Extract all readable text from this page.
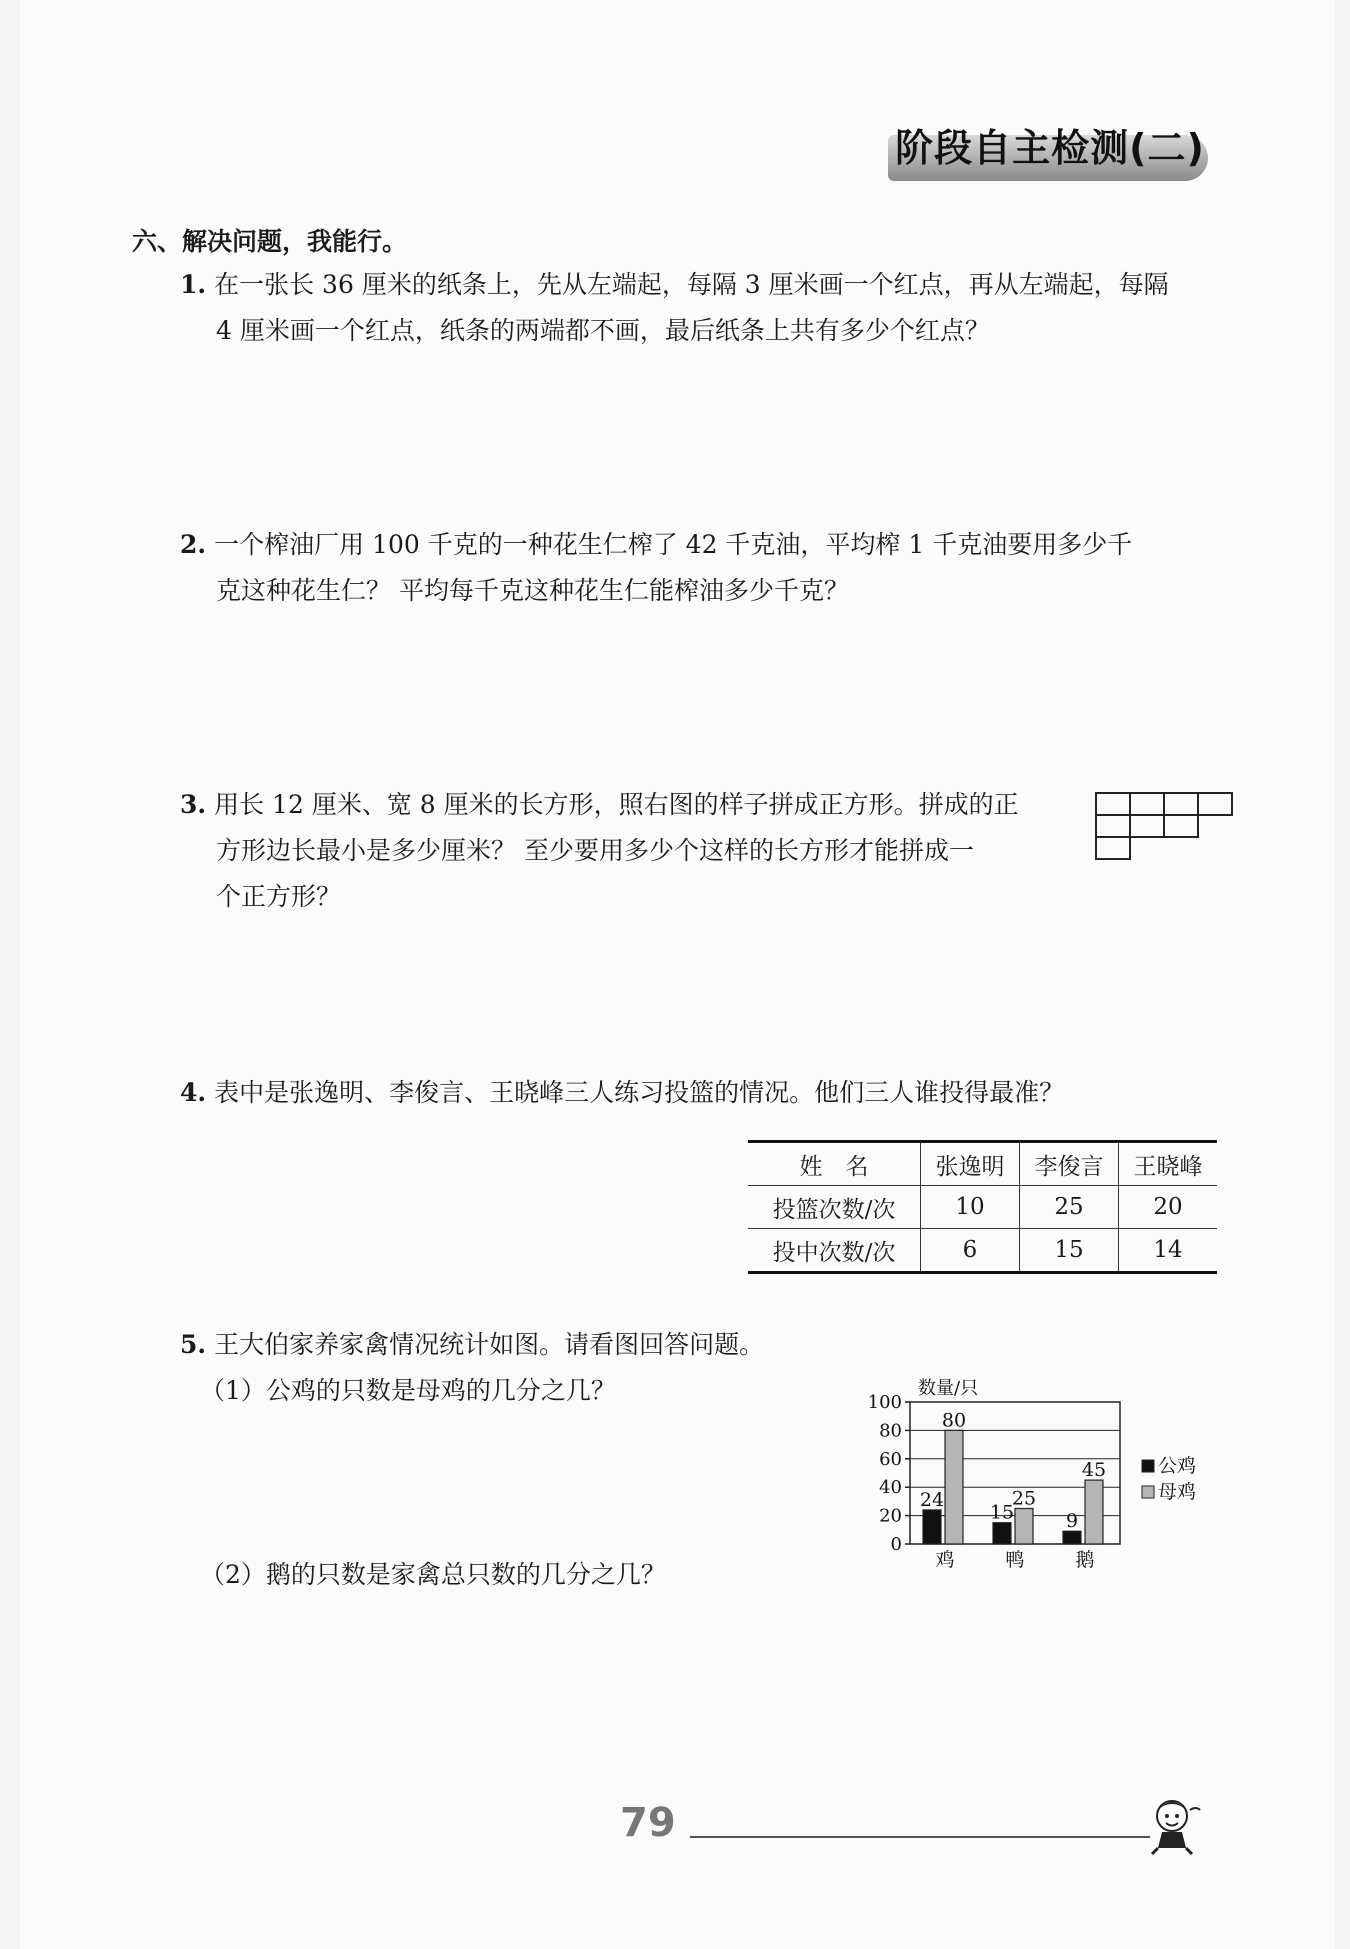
阶段自主检测(二)
六、解决问题，我能行。
1. 在一张长 36 厘米的纸条上，先从左端起，每隔 3 厘米画一个红点，再从左端起，每隔
4 厘米画一个红点，纸条的两端都不画，最后纸条上共有多少个红点？
2. 一个榨油厂用 100 千克的一种花生仁榨了 42 千克油，平均榨 1 千克油要用多少千
克这种花生仁？ 平均每千克这种花生仁能榨油多少千克？
3. 用长 12 厘米、宽 8 厘米的长方形，照右图的样子拼成正方形。拼成的正
方形边长最小是多少厘米？ 至少要用多少个这样的长方形才能拼成一
个正方形？
4. 表中是张逸明、李俊言、王晓峰三人练习投篮的情况。他们三人谁投得最准？
姓　名	张逸明	李俊言	王晓峰
投篮次数/次	10	25	20
投中次数/次	6	15	14
5. 王大伯家养家禽情况统计如图。请看图回答问题。
（1）公鸡的只数是母鸡的几分之几？
（2）鹅的只数是家禽总只数的几分之几？
0
20
40
60
80
100
数量/只
24
80
鸡
15
25
鸭
9
45
鹅
公鸡
母鸡
79
